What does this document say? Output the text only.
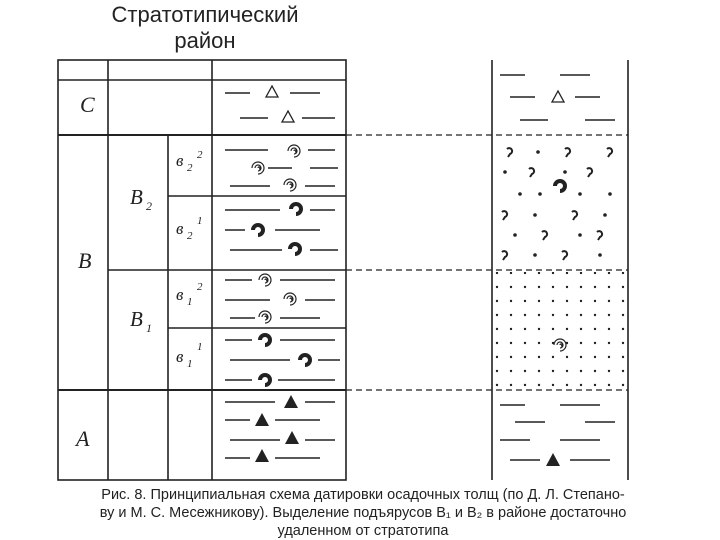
Стратотипический
район
C
B
A
B 2
B 1
в 2
2
в 2
1
в 1
2
в 1
1
Рис. 8. Принципиальная схема датировки осадочных толщ (по Д. Л. Степано-
ву и М. С. Месежникову). Выделение подъярусов B₁ и B₂ в районе достаточно
удаленном от стратотипа
